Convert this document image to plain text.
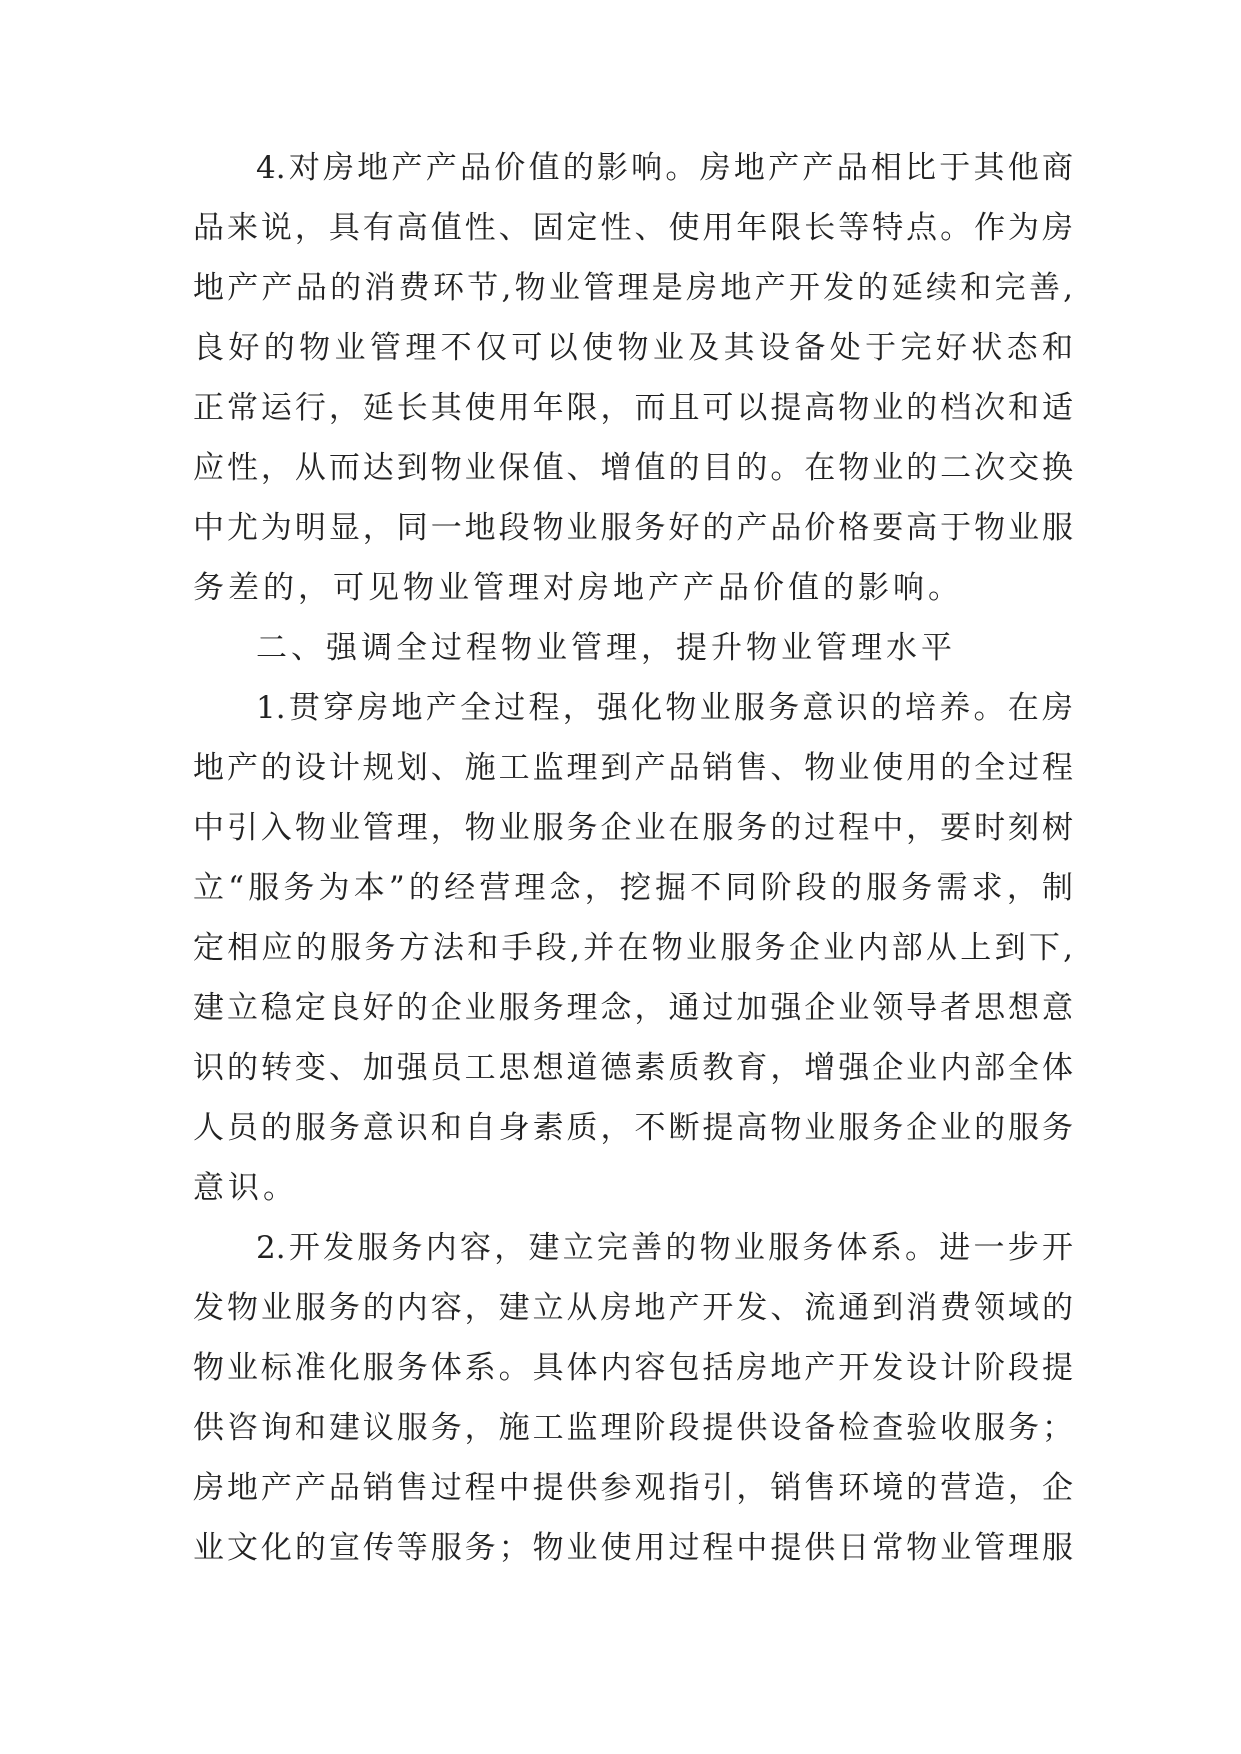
4.对房地产产品价值的影响。房地产产品相比于其他商
品来说，具有高值性、固定性、使用年限长等特点。作为房
地产产品的消费环节,物业管理是房地产开发的延续和完善,
良好的物业管理不仅可以使物业及其设备处于完好状态和
正常运行，延长其使用年限，而且可以提高物业的档次和适
应性，从而达到物业保值、增值的目的。在物业的二次交换
中尤为明显，同一地段物业服务好的产品价格要高于物业服
务差的，可见物业管理对房地产产品价值的影响。
二、强调全过程物业管理，提升物业管理水平
1.贯穿房地产全过程，强化物业服务意识的培养。在房
地产的设计规划、施工监理到产品销售、物业使用的全过程
中引入物业管理，物业服务企业在服务的过程中，要时刻树
立“服务为本”的经营理念，挖掘不同阶段的服务需求，制
定相应的服务方法和手段,并在物业服务企业内部从上到下,
建立稳定良好的企业服务理念，通过加强企业领导者思想意
识的转变、加强员工思想道德素质教育，增强企业内部全体
人员的服务意识和自身素质，不断提高物业服务企业的服务
意识。
2.开发服务内容，建立完善的物业服务体系。进一步开
发物业服务的内容，建立从房地产开发、流通到消费领域的
物业标准化服务体系。具体内容包括房地产开发设计阶段提
供咨询和建议服务，施工监理阶段提供设备检查验收服务；
房地产产品销售过程中提供参观指引，销售环境的营造，企
业文化的宣传等服务；物业使用过程中提供日常物业管理服
